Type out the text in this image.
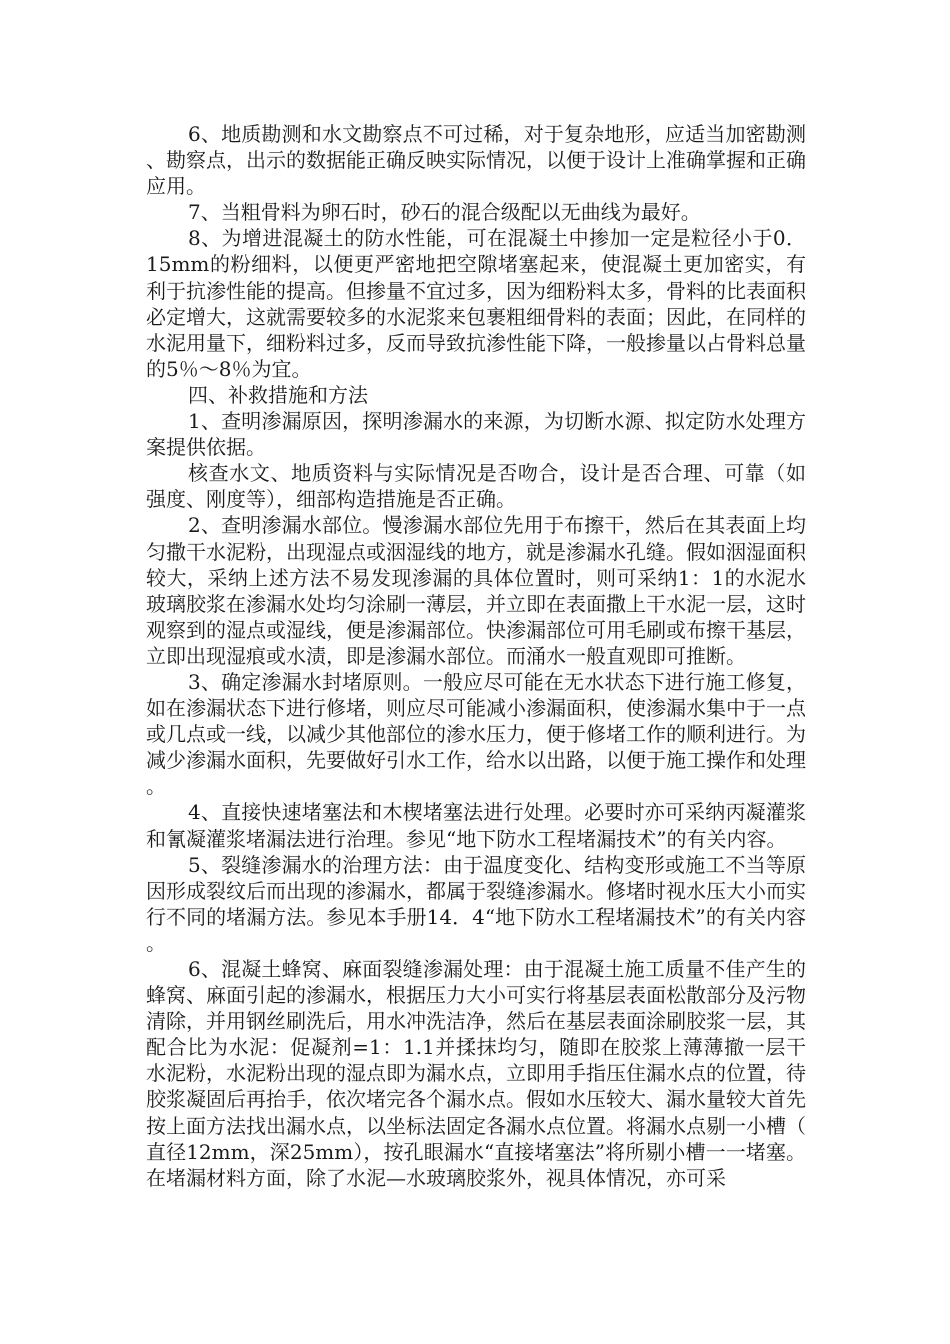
6、地质勘测和水文勘察点不可过稀，对于复杂地形，应适当加密勘测、勘察点，出示的数据能正确反映实际情况，以便于设计上准确掌握和正确应用。

7、当粗骨料为卵石时，砂石的混合级配以无曲线为最好。

8、为增进混凝土的防水性能，可在混凝土中掺加一定是粒径小于0．15mm的粉细料，以便更严密地把空隙堵塞起来，使混凝土更加密实，有利于抗渗性能的提高。但掺量不宜过多，因为细粉料太多，骨料的比表面积必定增大，这就需要较多的水泥浆来包裹粗细骨料的表面；因此，在同样的水泥用量下，细粉料过多，反而导致抗渗性能下降，一般掺量以占骨料总量的5％～8％为宜。

四、补救措施和方法

1、查明渗漏原因，探明渗漏水的来源，为切断水源、拟定防水处理方案提供依据。

核查水文、地质资料与实际情况是否吻合，设计是否合理、可靠（如强度、刚度等），细部构造措施是否正确。

2、查明渗漏水部位。慢渗漏水部位先用于布擦干，然后在其表面上均匀撒干水泥粉，出现湿点或洇湿线的地方，就是渗漏水孔缝。假如洇湿面积较大，采纳上述方法不易发现渗漏的具体位置时，则可采纳1：1的水泥水玻璃胶浆在渗漏水处均匀涂刷一薄层，并立即在表面撒上干水泥一层，这时观察到的湿点或湿线，便是渗漏部位。快渗漏部位可用毛刷或布擦干基层，立即出现湿痕或水渍，即是渗漏水部位。而涌水一般直观即可推断。

3、确定渗漏水封堵原则。一般应尽可能在无水状态下进行施工修复，如在渗漏状态下进行修堵，则应尽可能减小渗漏面积，使渗漏水集中于一点或几点或一线，以减少其他部位的渗水压力，便于修堵工作的顺利进行。为减少渗漏水面积，先要做好引水工作，给水以出路，以便于施工操作和处理。

4、直接快速堵塞法和木楔堵塞法进行处理。必要时亦可采纳丙凝灌浆和氰凝灌浆堵漏法进行治理。参见“地下防水工程堵漏技术”的有关内容。

5、裂缝渗漏水的治理方法：由于温度变化、结构变形或施工不当等原因形成裂纹后而出现的渗漏水，都属于裂缝渗漏水。修堵时视水压大小而实行不同的堵漏方法。参见本手册14．4“地下防水工程堵漏技术”的有关内容。

6、混凝土蜂窝、麻面裂缝渗漏处理：由于混凝土施工质量不佳产生的蜂窝、麻面引起的渗漏水，根据压力大小可实行将基层表面松散部分及污物清除，并用钢丝刷洗后，用水冲洗洁净，然后在基层表面涂刷胶浆一层，其配合比为水泥：促凝剂=1：1.1并揉抹均匀，随即在胶浆上薄薄撤一层干水泥粉，水泥粉出现的湿点即为漏水点，立即用手指压住漏水点的位置，待胶浆凝固后再抬手，依次堵完各个漏水点。假如水压较大、漏水量较大首先按上面方法找出漏水点，以坐标法固定各漏水点位置。将漏水点剔一小槽（直径12mm，深25mm），按孔眼漏水“直接堵塞法”将所剔小槽一一堵塞。在堵漏材料方面，除了水泥—水玻璃胶浆外，视具体情况，亦可采
